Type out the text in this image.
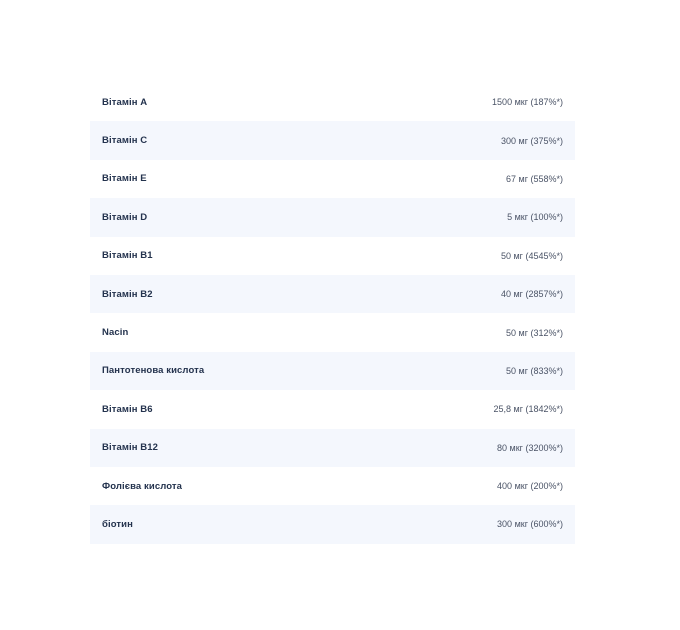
Вітамін А	1500 мкг (187%*)
Вітамін С	300 мг (375%*)
Вітамін Е	67 мг (558%*)
Вітамін D	5 мкг (100%*)
Вітамін В1	50 мг (4545%*)
Вітамін В2	40 мг (2857%*)
Nacin	50 мг (312%*)
Пантотенова кислота	50 мг (833%*)
Вітамін В6	25,8 мг (1842%*)
Вітамін В12	80 мкг (3200%*)
Фолієва кислота	400 мкг (200%*)
біотин	300 мкг (600%*)
